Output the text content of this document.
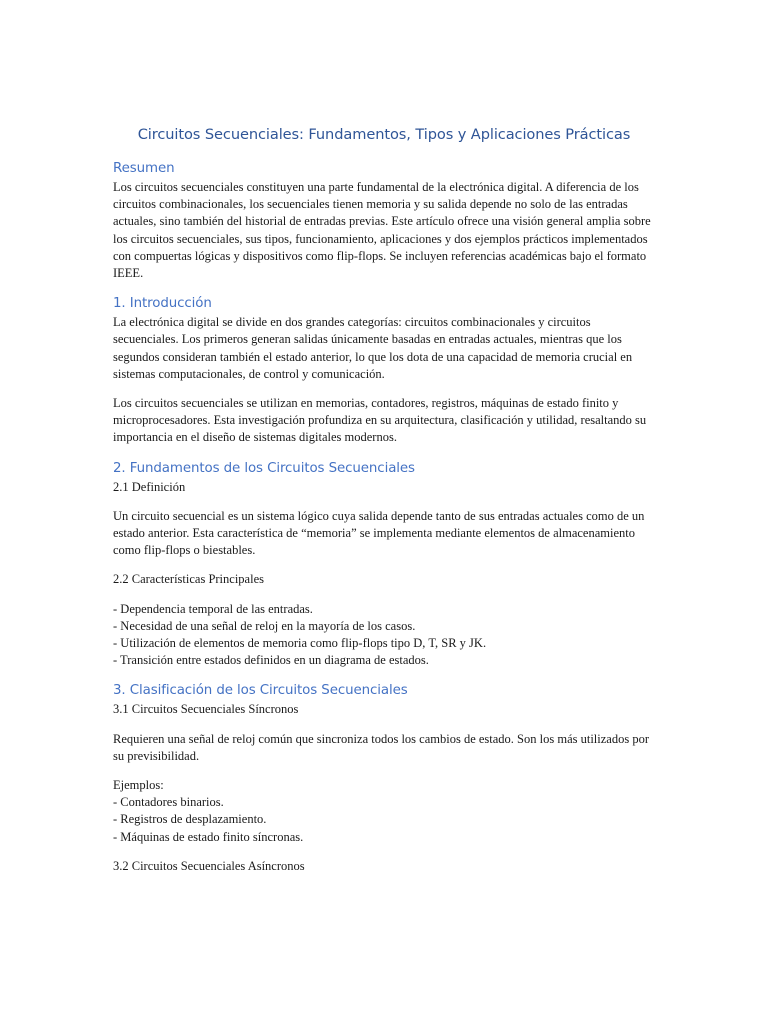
Circuitos Secuenciales: Fundamentos, Tipos y Aplicaciones Prácticas
Resumen

Los circuitos secuenciales constituyen una parte fundamental de la electrónica digital. A diferencia de los circuitos combinacionales, los secuenciales tienen memoria y su salida depende no solo de las entradas actuales, sino también del historial de entradas previas. Este artículo ofrece una visión general amplia sobre los circuitos secuenciales, sus tipos, funcionamiento, aplicaciones y dos ejemplos prácticos implementados con compuertas lógicas y dispositivos como flip-flops. Se incluyen referencias académicas bajo el formato IEEE.

1. Introducción

La electrónica digital se divide en dos grandes categorías: circuitos combinacionales y circuitos secuenciales. Los primeros generan salidas únicamente basadas en entradas actuales, mientras que los segundos consideran también el estado anterior, lo que los dota de una capacidad de memoria crucial en sistemas computacionales, de control y comunicación.

Los circuitos secuenciales se utilizan en memorias, contadores, registros, máquinas de estado finito y microprocesadores. Esta investigación profundiza en su arquitectura, clasificación y utilidad, resaltando su importancia en el diseño de sistemas digitales modernos.

2. Fundamentos de los Circuitos Secuenciales

2.1 Definición

Un circuito secuencial es un sistema lógico cuya salida depende tanto de sus entradas actuales como de un estado anterior. Esta característica de “memoria” se implementa mediante elementos de almacenamiento como flip-flops o biestables.

2.2 Características Principales

- Dependencia temporal de las entradas.

- Necesidad de una señal de reloj en la mayoría de los casos.

- Utilización de elementos de memoria como flip-flops tipo D, T, SR y JK.

- Transición entre estados definidos en un diagrama de estados.

3. Clasificación de los Circuitos Secuenciales

3.1 Circuitos Secuenciales Síncronos

Requieren una señal de reloj común que sincroniza todos los cambios de estado. Son los más utilizados por su previsibilidad.

Ejemplos:

- Contadores binarios.

- Registros de desplazamiento.

- Máquinas de estado finito síncronas.

3.2 Circuitos Secuenciales Asíncronos
